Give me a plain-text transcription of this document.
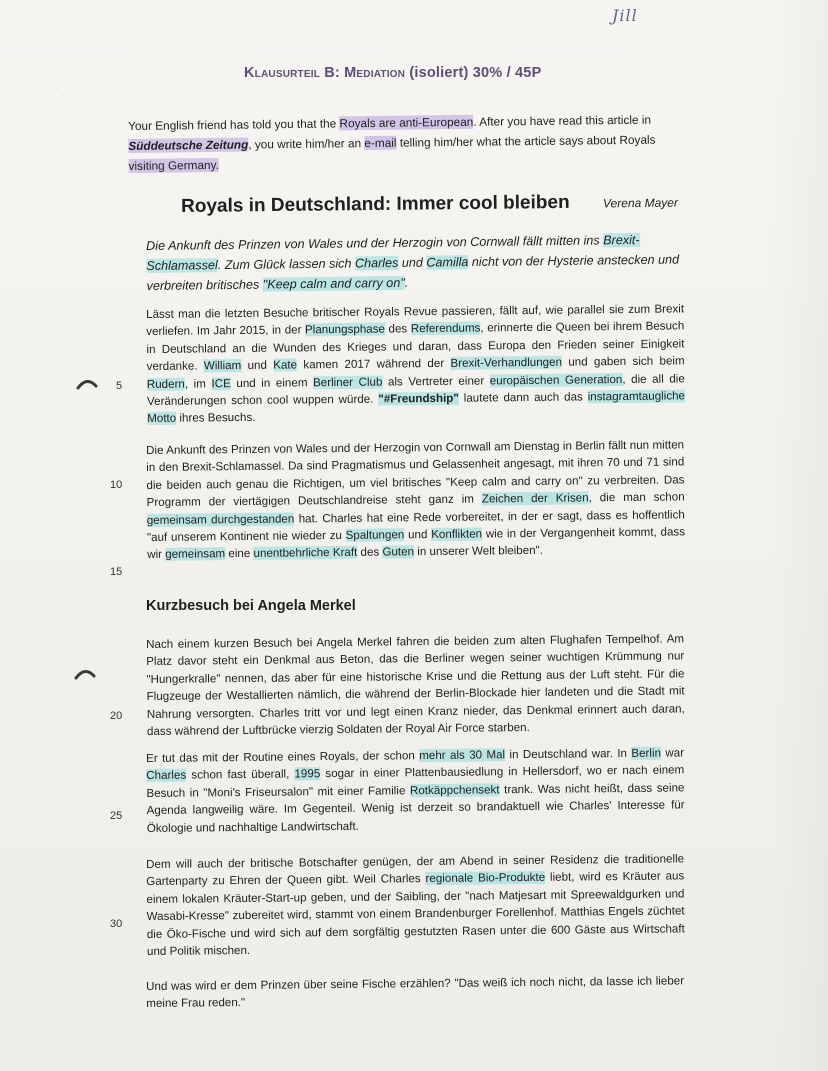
Jill
Klausurteil B: Mediation (isoliert) 30% / 45P
Your English friend has told you that the Royals are anti-European. After you have read this article in Süddeutsche Zeitung, you write him/her an e-mail telling him/her what the article says about Royals visiting Germany.
Royals in Deutschland: Immer cool bleiben	Verena Mayer
Die Ankunft des Prinzen von Wales und der Herzogin von Cornwall fällt mitten ins Brexit-Schlamassel. Zum Glück lassen sich Charles und Camilla nicht von der Hysterie anstecken und verbreiten britisches "Keep calm and carry on".
Lässt man die letzten Besuche britischer Royals Revue passieren, fällt auf, wie parallel sie zum Brexit verliefen. Im Jahr 2015, in der Planungsphase des Referendums, erinnerte die Queen bei ihrem Besuch in Deutschland an die Wunden des Krieges und daran, dass Europa den Frieden seiner Einigkeit verdanke. William und Kate kamen 2017 während der Brexit-Verhandlungen und gaben sich beim Rudern, im ICE und in einem Berliner Club als Vertreter einer europäischen Generation, die all die Veränderungen schon cool wuppen würde. "#Freundship" lautete dann auch das instagramtaugliche Motto ihres Besuchs.
Die Ankunft des Prinzen von Wales und der Herzogin von Cornwall am Dienstag in Berlin fällt nun mitten in den Brexit-Schlamassel. Da sind Pragmatismus und Gelassenheit angesagt, mit ihren 70 und 71 sind die beiden auch genau die Richtigen, um viel britisches "Keep calm and carry on" zu verbreiten. Das Programm der viertägigen Deutschlandreise steht ganz im Zeichen der Krisen, die man schon gemeinsam durchgestanden hat. Charles hat eine Rede vorbereitet, in der er sagt, dass es hoffentlich "auf unserem Kontinent nie wieder zu Spaltungen und Konflikten wie in der Vergangenheit kommt, dass wir gemeinsam eine unentbehrliche Kraft des Guten in unserer Welt bleiben".
Kurzbesuch bei Angela Merkel
Nach einem kurzen Besuch bei Angela Merkel fahren die beiden zum alten Flughafen Tempelhof. Am Platz davor steht ein Denkmal aus Beton, das die Berliner wegen seiner wuchtigen Krümmung nur "Hungerkralle" nennen, das aber für eine historische Krise und die Rettung aus der Luft steht. Für die Flugzeuge der Westallierten nämlich, die während der Berlin-Blockade hier landeten und die Stadt mit Nahrung versorgten. Charles tritt vor und legt einen Kranz nieder, das Denkmal erinnert auch daran, dass während der Luftbrücke vierzig Soldaten der Royal Air Force starben.
Er tut das mit der Routine eines Royals, der schon mehr als 30 Mal in Deutschland war. In Berlin war Charles schon fast überall, 1995 sogar in einer Plattenbausiedlung in Hellersdorf, wo er nach einem Besuch in "Moni's Friseursalon" mit einer Familie Rotkäppchensekt trank. Was nicht heißt, dass seine Agenda langweilig wäre. Im Gegenteil. Wenig ist derzeit so brandaktuell wie Charles' Interesse für Ökologie und nachhaltige Landwirtschaft.
Dem will auch der britische Botschafter genügen, der am Abend in seiner Residenz die traditionelle Gartenparty zu Ehren der Queen gibt. Weil Charles regionale Bio-Produkte liebt, wird es Kräuter aus einem lokalen Kräuter-Start-up geben, und der Saibling, der "nach Matjesart mit Spreewaldgurken und Wasabi-Kresse" zubereitet wird, stammt von einem Brandenburger Forellenhof. Matthias Engels züchtet die Öko-Fische und wird sich auf dem sorgfältig gestutzten Rasen unter die 600 Gäste aus Wirtschaft und Politik mischen.
Und was wird er dem Prinzen über seine Fische erzählen? "Das weiß ich noch nicht, da lasse ich lieber meine Frau reden."
5
10
15
20
25
30
